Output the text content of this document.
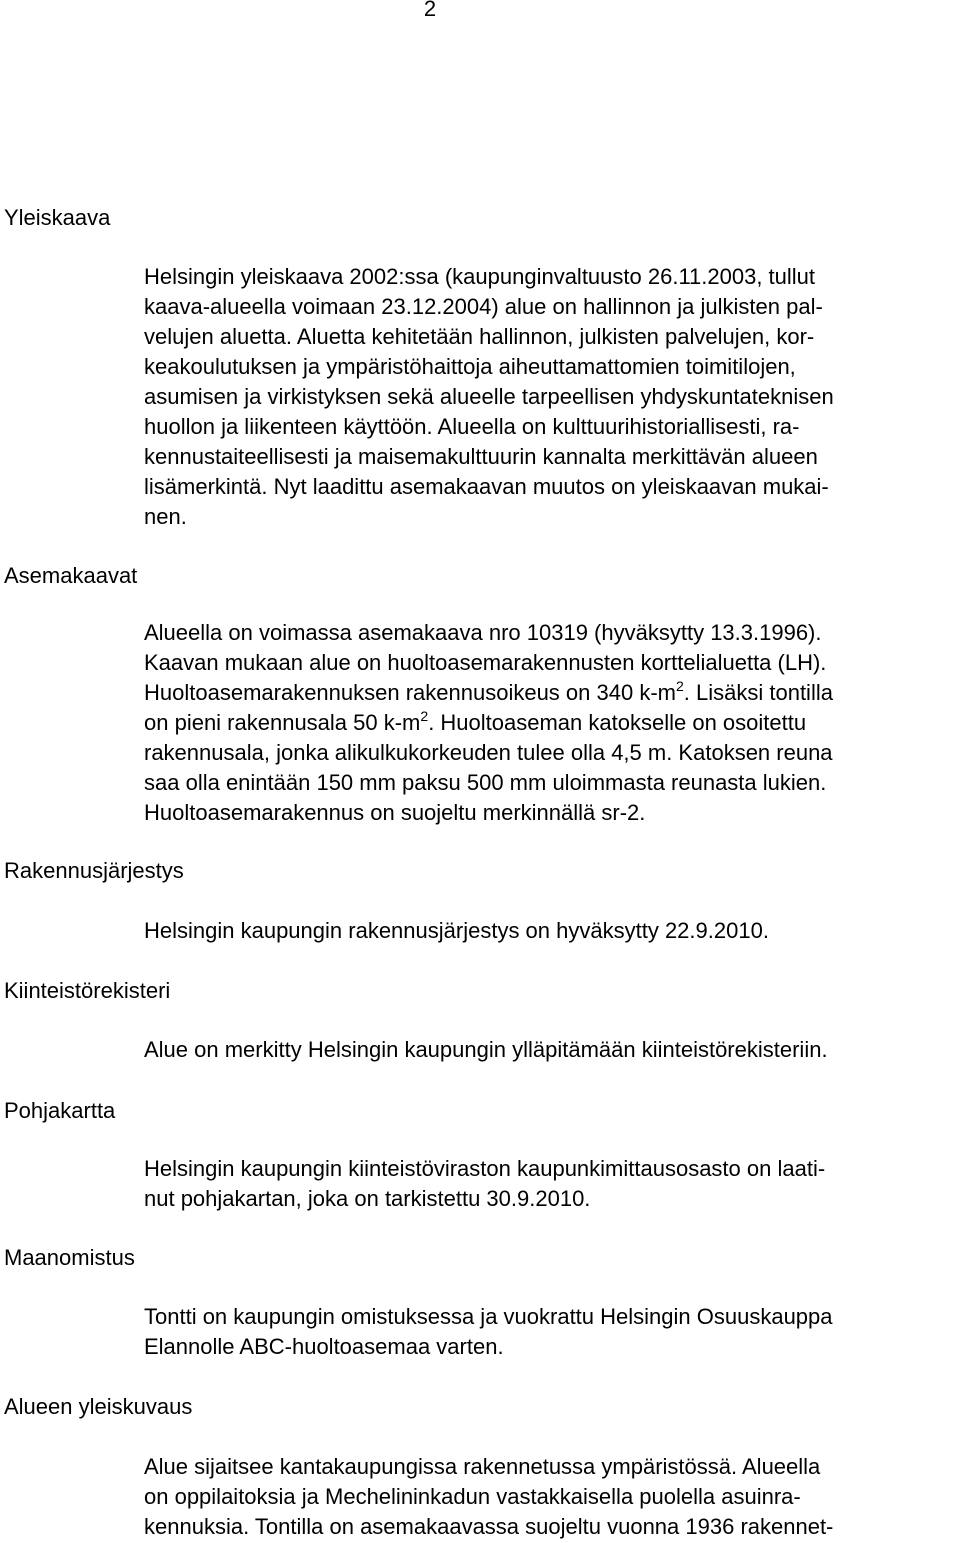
2
Yleiskaava
Asemakaavat
Rakennusjärjestys
Kiinteistörekisteri
Pohjakartta
Maanomistus
Alueen yleiskuvaus
Helsingin yleiskaava 2002:ssa (kaupunginvaltuusto 26.11.2003, tullut
kaava-alueella voimaan 23.12.2004) alue on hallinnon ja julkisten pal-
velujen aluetta. Aluetta kehitetään hallinnon, julkisten palvelujen, kor-
keakoulutuksen ja ympäristöhaittoja aiheuttamattomien toimitilojen,
asumisen ja virkistyksen sekä alueelle tarpeellisen yhdyskuntateknisen
huollon ja liikenteen käyttöön. Alueella on kulttuurihistoriallisesti, ra-
kennustaiteellisesti ja maisemakulttuurin kannalta merkittävän alueen
lisämerkintä. Nyt laadittu asemakaavan muutos on yleiskaavan mukai-
nen.
Alueella on voimassa asemakaava nro 10319 (hyväksytty 13.3.1996).
Kaavan mukaan alue on huoltoasemarakennusten korttelialuetta (LH).
Huoltoasemarakennuksen rakennusoikeus on 340 $k-m^2$. Lisäksi tontilla
on pieni rakennusala 50 $k-m^2$. Huoltoaseman katokselle on osoitettu
rakennusala, jonka alikulkukorkeuden tulee olla 4,5 m. Katoksen reuna
saa olla enintään 150 mm paksu 500 mm uloimmasta reunasta lukien.
Huoltoasemarakennus on suojeltu merkinnällä sr-2.
Helsingin kaupungin rakennusjärjestys on hyväksytty 22.9.2010.
Alue on merkitty Helsingin kaupungin ylläpitämään kiinteistörekisteriin.
Helsingin kaupungin kiinteistöviraston kaupunkimittausosasto on laati-
nut pohjakartan, joka on tarkistettu 30.9.2010.
Tontti on kaupungin omistuksessa ja vuokrattu Helsingin Osuuskauppa
Elannolle ABC-huoltoasemaa varten.
Alue sijaitsee kantakaupungissa rakennetussa ympäristössä. Alueella
on oppilaitoksia ja Mechelininkadun vastakkaisella puolella asuinra-
kennuksia. Tontilla on asemakaavassa suojeltu vuonna 1936 rakennet-
